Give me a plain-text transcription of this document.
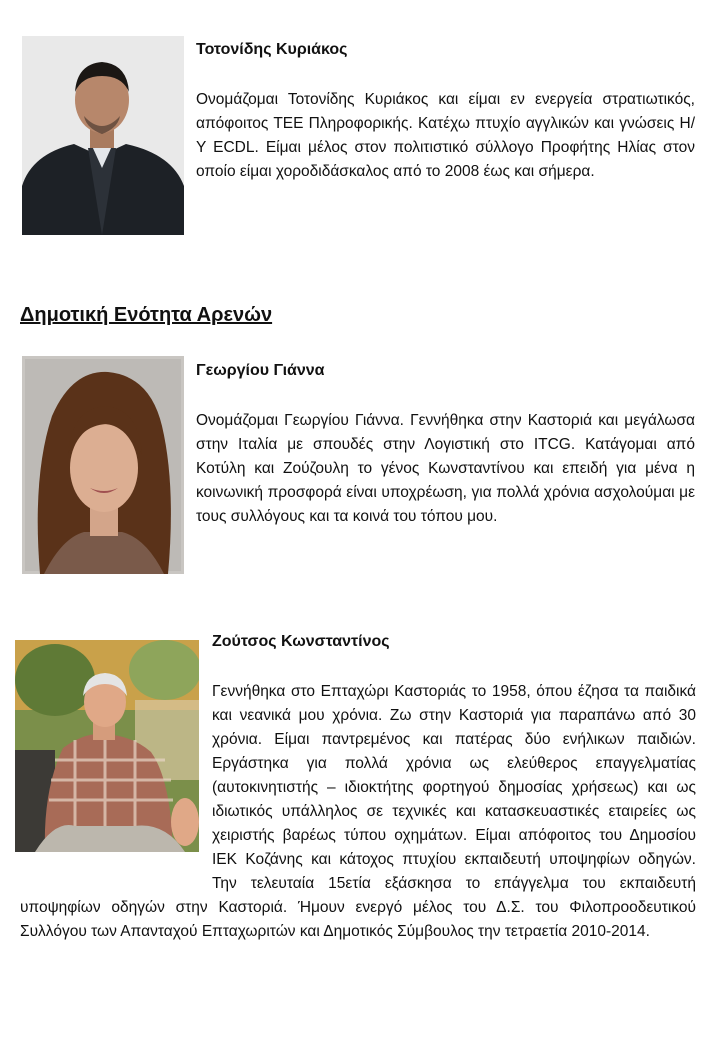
Τοτονίδης Κυριάκος

Ονομάζομαι Τοτονίδης Κυριάκος και είμαι εν ενεργεία στρατιωτικός, απόφοιτος ΤΕΕ Πληροφορικής. Κατέχω πτυχίο αγγλικών και γνώσεις Η/Υ ECDL. Είμαι μέλος στον πολιτιστικό σύλλογο Προφήτης Ηλίας στον οποίο είμαι χοροδιδάσκαλος από το 2008 έως και σήμερα.

Δημοτική Ενότητα Αρενών
Γεωργίου Γιάννα

Ονομάζομαι Γεωργίου Γιάννα. Γεννήθηκα στην Καστοριά και μεγάλωσα στην Ιταλία με σπουδές στην Λογιστική στο ITCG. Κατάγομαι από Κοτύλη και Ζούζουλη το γένος Κωνσταντίνου και επειδή για μένα η κοινωνική προσφορά είναι υποχρέωση, για πολλά χρόνια ασχολούμαι με τους συλλόγους και τα κοινά του τόπου μου.

Ζούτσος Κωνσταντίνος
Γεννήθηκα στο Επταχώρι Καστοριάς το 1958, όπου έζησα τα παιδικά και νεανικά μου χρόνια. Ζω στην Καστοριά για παραπάνω από 30 χρόνια. Είμαι παντρεμένος και πατέρας δύο ενήλικων παιδιών. Εργάστηκα για πολλά χρόνια ως ελεύθερος επαγγελματίας (αυτοκινητιστής – ιδιοκτήτης φορτηγού δημοσίας χρήσεως) και ως ιδιωτικός υπάλληλος σε τεχνικές και κατασκευαστικές εταιρείες ως χειριστής βαρέως τύπου οχημάτων. Είμαι απόφοιτος του Δημοσίου ΙΕΚ Κοζάνης και κάτοχος πτυχίου εκπαιδευτή υποψηφίων οδηγών. Την τελευταία 15ετία εξάσκησα το επάγγελμα του εκπαιδευτή υποψηφίων οδηγών στην Καστοριά. Ήμουν ενεργό μέλος του Δ.Σ. του Φιλοπροοδευτικού Συλλόγου των Απανταχού Επταχωριτών και Δημοτικός Σύμβουλος την τετραετία 2010-2014.
